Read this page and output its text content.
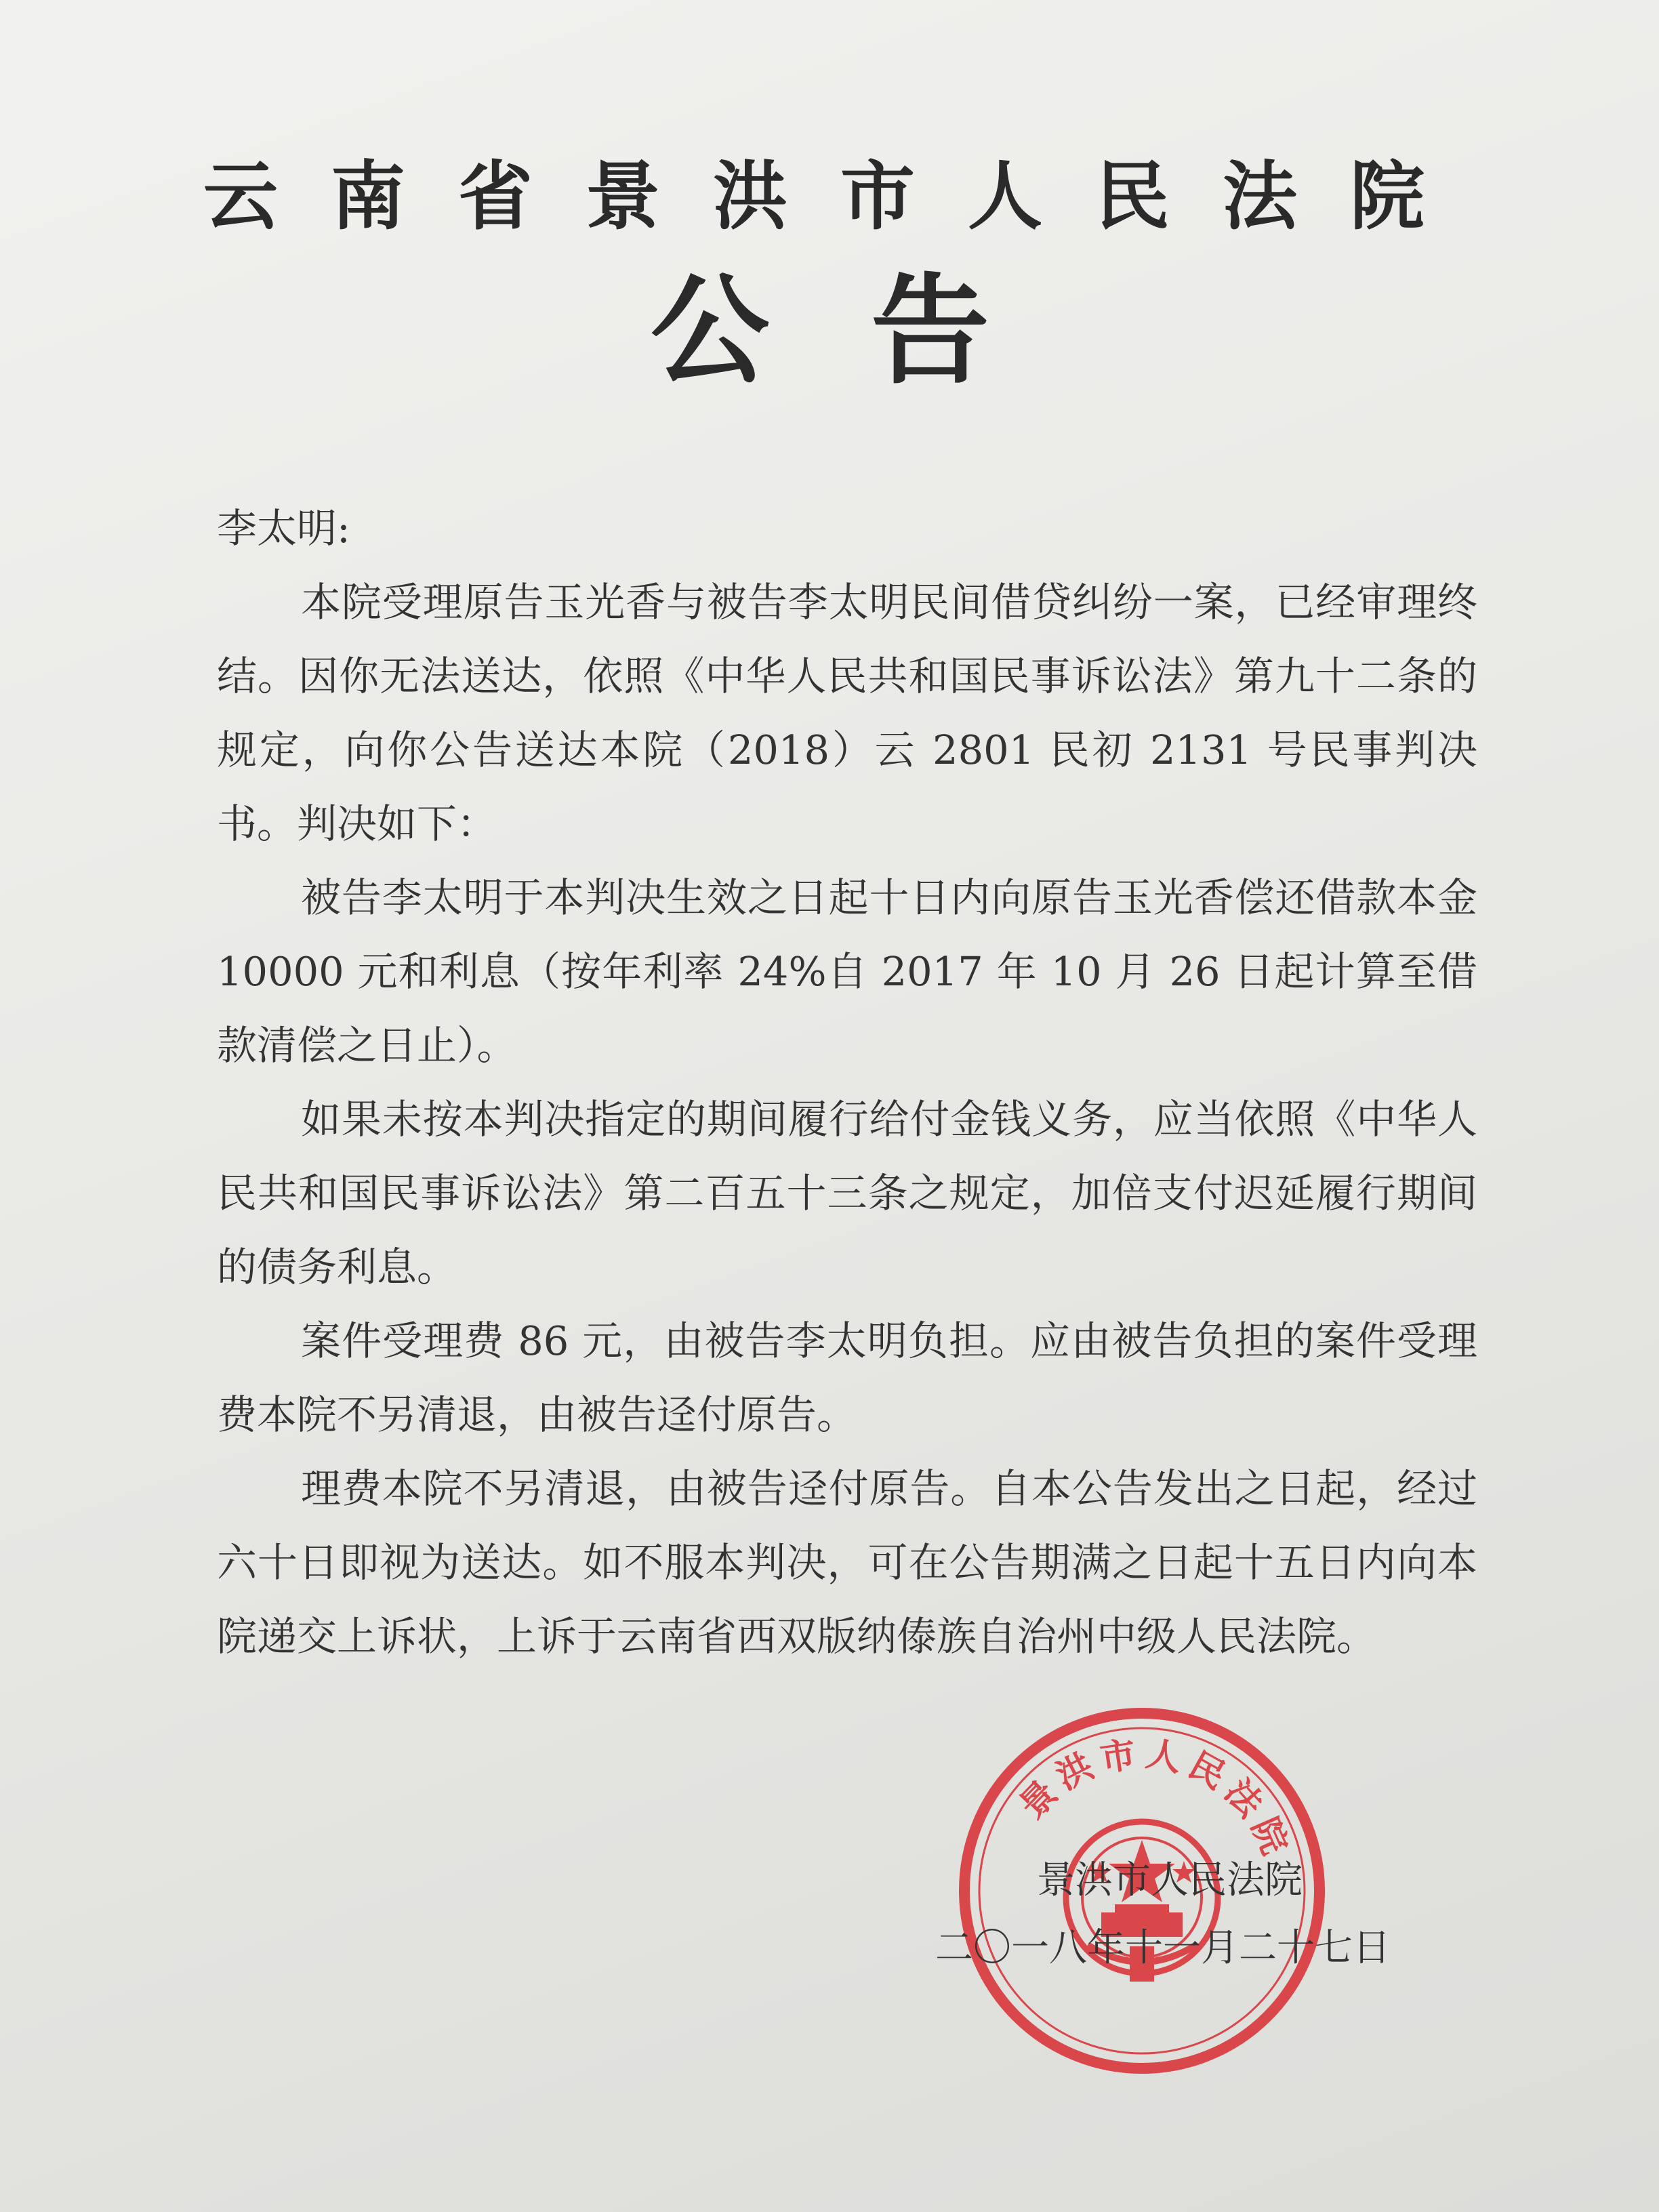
云南省景洪市人民法院
公告

李太明:

本院受理原告玉光香与被告李太明民间借贷纠纷一案，已经审理终结。因你无法送达，依照《中华人民共和国民事诉讼法》第九十二条的规定，向你公告送达本院（2018）云 2801 民初 2131 号民事判决书。判决如下：

被告李太明于本判决生效之日起十日内向原告玉光香偿还借款本金 10000 元和利息（按年利率 24%自 2017 年 10 月 26 日起计算至借款清偿之日止）。

如果未按本判决指定的期间履行给付金钱义务，应当依照《中华人民共和国民事诉讼法》第二百五十三条之规定，加倍支付迟延履行期间的债务利息。

案件受理费 86 元，由被告李太明负担。应由被告负担的案件受理费本院不另清退，由被告迳付原告。

理费本院不另清退，由被告迳付原告。自本公告发出之日起，经过六十日即视为送达。如不服本判决，可在公告期满之日起十五日内向本院递交上诉状，上诉于云南省西双版纳傣族自治州中级人民法院。

景洪市人民法院
景洪市人民法院
二〇一八年十一月二十七日
